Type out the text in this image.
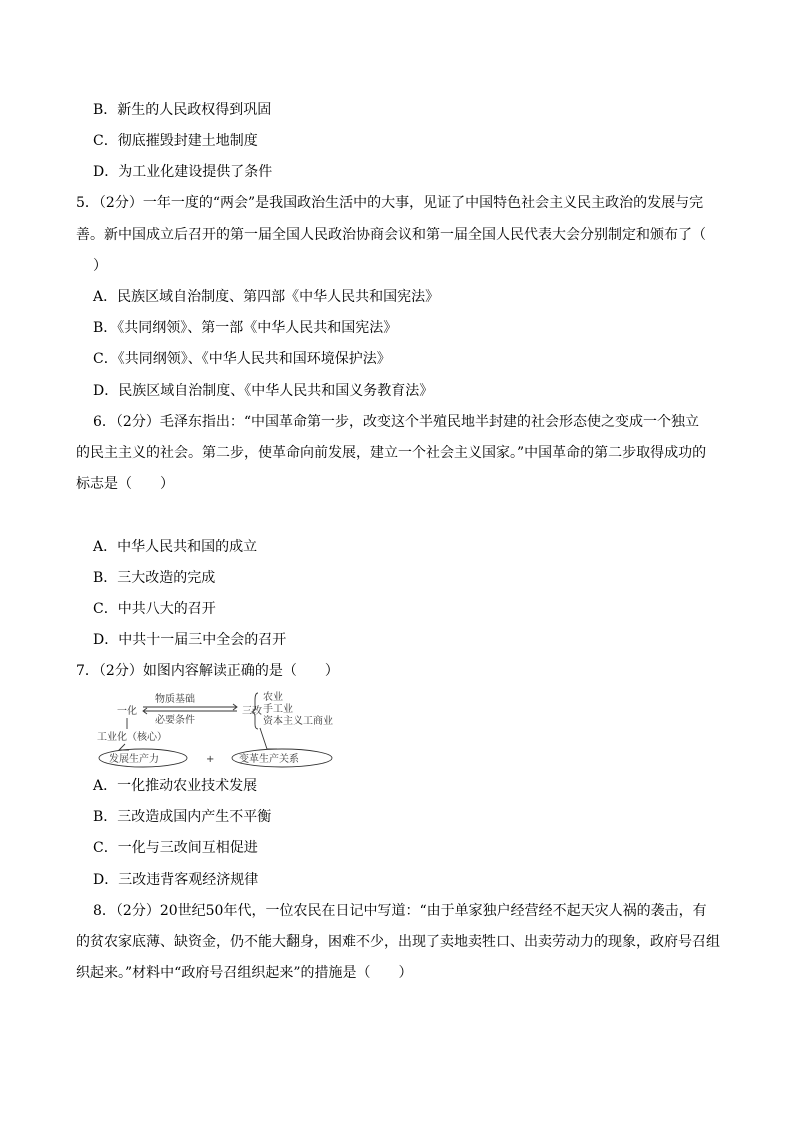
B．新生的人民政权得到巩固
C．彻底摧毁封建土地制度
D．为工业化建设提供了条件
5．（2分）一年一度的“两会”是我国政治生活中的大事，见证了中国特色社会主义民主政治的发展与完
善。新中国成立后召开的第一届全国人民政治协商会议和第一届全国人民代表大会分别制定和颁布了（
）
A．民族区域自治制度、第四部《中华人民共和国宪法》
B．《共同纲领》、第一部《中华人民共和国宪法》
C．《共同纲领》、《中华人民共和国环境保护法》
D．民族区域自治制度、《中华人民共和国义务教育法》
6．（2分）毛泽东指出：“中国革命第一步，改变这个半殖民地半封建的社会形态使之变成一个独立
的民主主义的社会。第二步，使革命向前发展，建立一个社会主义国家。”中国革命的第二步取得成功的
标志是（　　）
A．中华人民共和国的成立
B．三大改造的完成
C．中共八大的召开
D．中共十一届三中全会的召开
7．（2分）如图内容解读正确的是（　　）
一化
物质基础
必要条件
三改
农业
手工业
资本主义工商业
工业化（核心）
发展生产力	+ 变革生产关系
A．一化推动农业技术发展
B．三改造成国内产生不平衡
C．一化与三改间互相促进
D．三改违背客观经济规律
8．（2分）20世纪50年代，一位农民在日记中写道：“由于单家独户经营经不起天灾人祸的袭击，有
的贫农家底薄、缺资金，仍不能大翻身，困难不少，出现了卖地卖牲口、出卖劳动力的现象，政府号召组
织起来。”材料中“政府号召组织起来”的措施是（　　）
